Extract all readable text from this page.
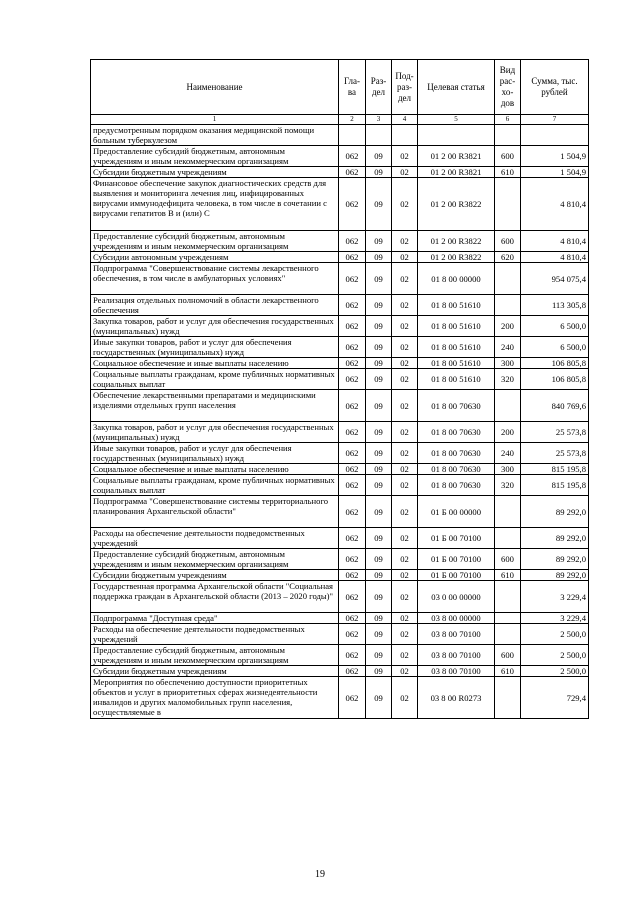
Наименование	Гла-ва	Раз-дел	Под-раз-дел	Целевая статья	Вид рас-хо-дов	Сумма, тыс. рублей
1	2	3	4	5	6	7
предусмотренным порядком оказания медицинской помощи больным туберкулезом						
Предоставление субсидий бюджетным, автономным учреждениям и иным некоммерческим организациям	062	09	02	01 2 00 R3821	600	1 504,9
Субсидии бюджетным учреждениям	062	09	02	01 2 00 R3821	610	1 504,9
Финансовое обеспечение закупок диагностических средств для выявления и мониторинга лечения лиц, инфицированных вирусами иммунодефицита человека, в том числе в сочетании с вирусами гепатитов В и (или) С	062	09	02	01 2 00 R3822		4 810,4
Предоставление субсидий бюджетным, автономным учреждениям и иным некоммерческим организациям	062	09	02	01 2 00 R3822	600	4 810,4
Субсидии автономным учреждениям	062	09	02	01 2 00 R3822	620	4 810,4
Подпрограмма "Совершенствование системы лекарственного обеспечения, в том числе в амбулаторных условиях"	062	09	02	01 8 00 00000		954 075,4
Реализация отдельных полномочий в области лекарственного обеспечения	062	09	02	01 8 00 51610		113 305,8
Закупка товаров, работ и услуг для обеспечения государственных (муниципальных) нужд	062	09	02	01 8 00 51610	200	6 500,0
Иные закупки товаров, работ и услуг для обеспечения государственных (муниципальных) нужд	062	09	02	01 8 00 51610	240	6 500,0
Социальное обеспечение и иные выплаты населению	062	09	02	01 8 00 51610	300	106 805,8
Социальные выплаты гражданам, кроме публичных нормативных социальных выплат	062	09	02	01 8 00 51610	320	106 805,8
Обеспечение лекарственными препаратами и медицинскими изделиями отдельных групп населения	062	09	02	01 8 00 70630		840 769,6
Закупка товаров, работ и услуг для обеспечения государственных (муниципальных) нужд	062	09	02	01 8 00 70630	200	25 573,8
Иные закупки товаров, работ и услуг для обеспечения государственных (муниципальных) нужд	062	09	02	01 8 00 70630	240	25 573,8
Социальное обеспечение и иные выплаты населению	062	09	02	01 8 00 70630	300	815 195,8
Социальные выплаты гражданам, кроме публичных нормативных социальных выплат	062	09	02	01 8 00 70630	320	815 195,8
Подпрограмма "Совершенствование системы территориального планирования Архангельской области"	062	09	02	01 Б 00 00000		89 292,0
Расходы на обеспечение деятельности подведомственных учреждений	062	09	02	01 Б 00 70100		89 292,0
Предоставление субсидий бюджетным, автономным учреждениям и иным некоммерческим организациям	062	09	02	01 Б 00 70100	600	89 292,0
Субсидии бюджетным учреждениям	062	09	02	01 Б 00 70100	610	89 292,0
Государственная программа Архангельской области "Социальная поддержка граждан в Архангельской области (2013 – 2020 годы)"	062	09	02	03 0 00 00000		3 229,4
Подпрограмма "Доступная среда"	062	09	02	03 8 00 00000		3 229,4
Расходы на обеспечение деятельности подведомственных учреждений	062	09	02	03 8 00 70100		2 500,0
Предоставление субсидий бюджетным, автономным учреждениям и иным некоммерческим организациям	062	09	02	03 8 00 70100	600	2 500,0
Субсидии бюджетным учреждениям	062	09	02	03 8 00 70100	610	2 500,0
Мероприятия по обеспечению доступности приоритетных объектов и услуг в приоритетных сферах жизнедеятельности инвалидов и других маломобильных групп населения, осуществляемые в	062	09	02	03 8 00 R0273		729,4
19
